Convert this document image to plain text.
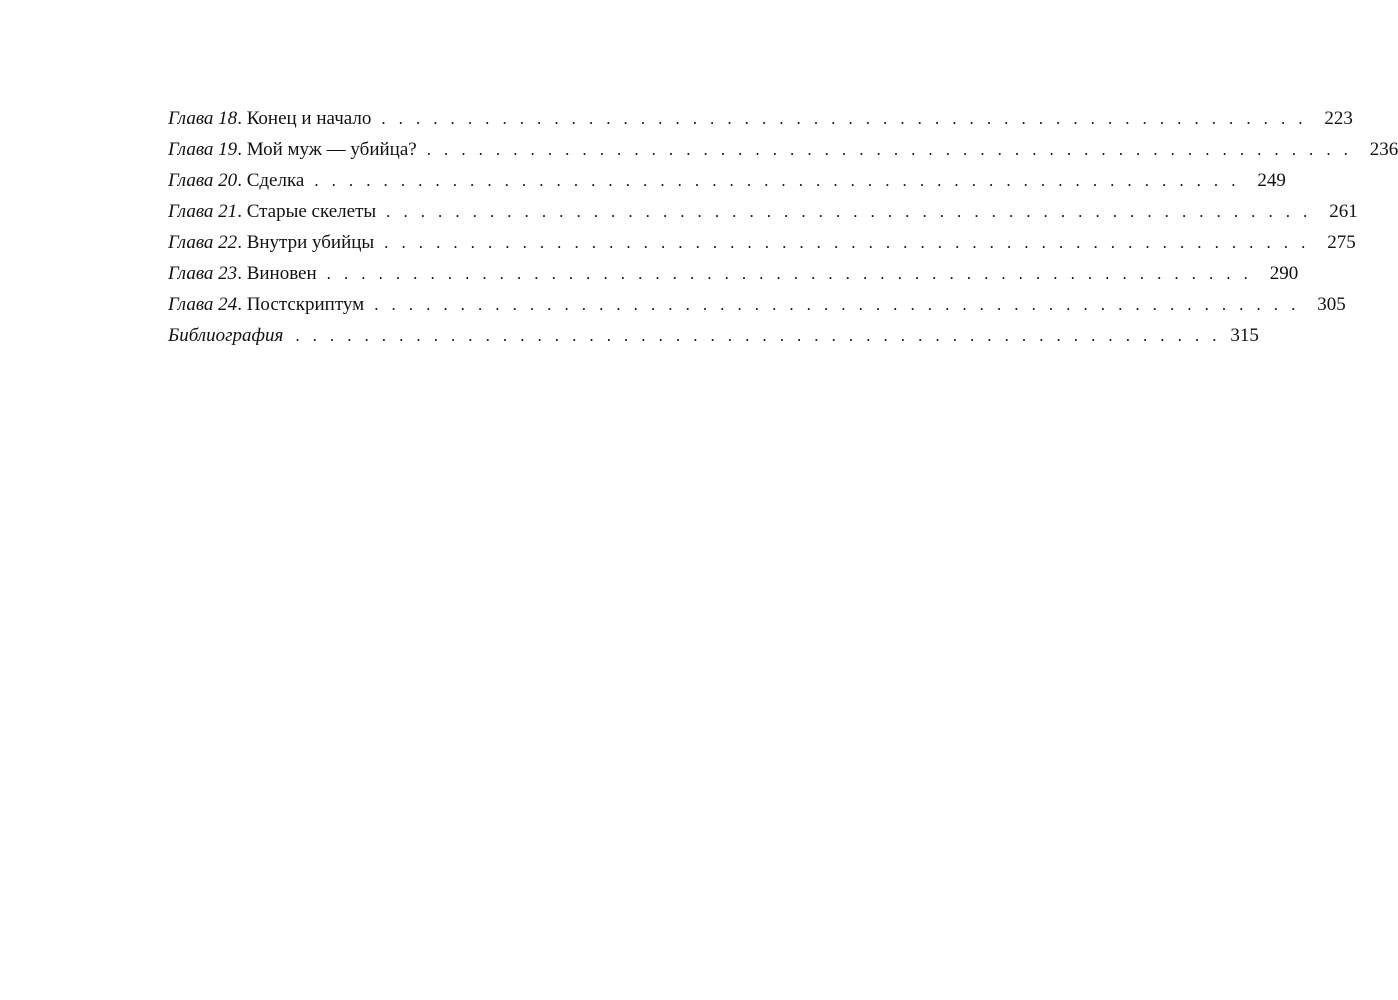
Глава 18. Конец и начало . . . . . . . . . . . . . . . . . . . . . . . . . . . . . . . . . . . . . . . . . . . . . . . . . . . . . . 223
Глава 19. Мой муж — убийца? . . . . . . . . . . . . . . . . . . . . . . . . . . . . . . . . . . . . . . . . . . . . . . . . . . . . . . 236
Глава 20. Сделка . . . . . . . . . . . . . . . . . . . . . . . . . . . . . . . . . . . . . . . . . . . . . . . . . . . . . . 249
Глава 21. Старые скелеты . . . . . . . . . . . . . . . . . . . . . . . . . . . . . . . . . . . . . . . . . . . . . . . . . . . . . . 261
Глава 22. Внутри убийцы . . . . . . . . . . . . . . . . . . . . . . . . . . . . . . . . . . . . . . . . . . . . . . . . . . . . . . 275
Глава 23. Виновен . . . . . . . . . . . . . . . . . . . . . . . . . . . . . . . . . . . . . . . . . . . . . . . . . . . . . . 290
Глава 24. Постскриптум . . . . . . . . . . . . . . . . . . . . . . . . . . . . . . . . . . . . . . . . . . . . . . . . . . . . . . 305
Библиография . . . . . . . . . . . . . . . . . . . . . . . . . . . . . . . . . . . . . . . . . . . . . . . . . . . . . . 315
